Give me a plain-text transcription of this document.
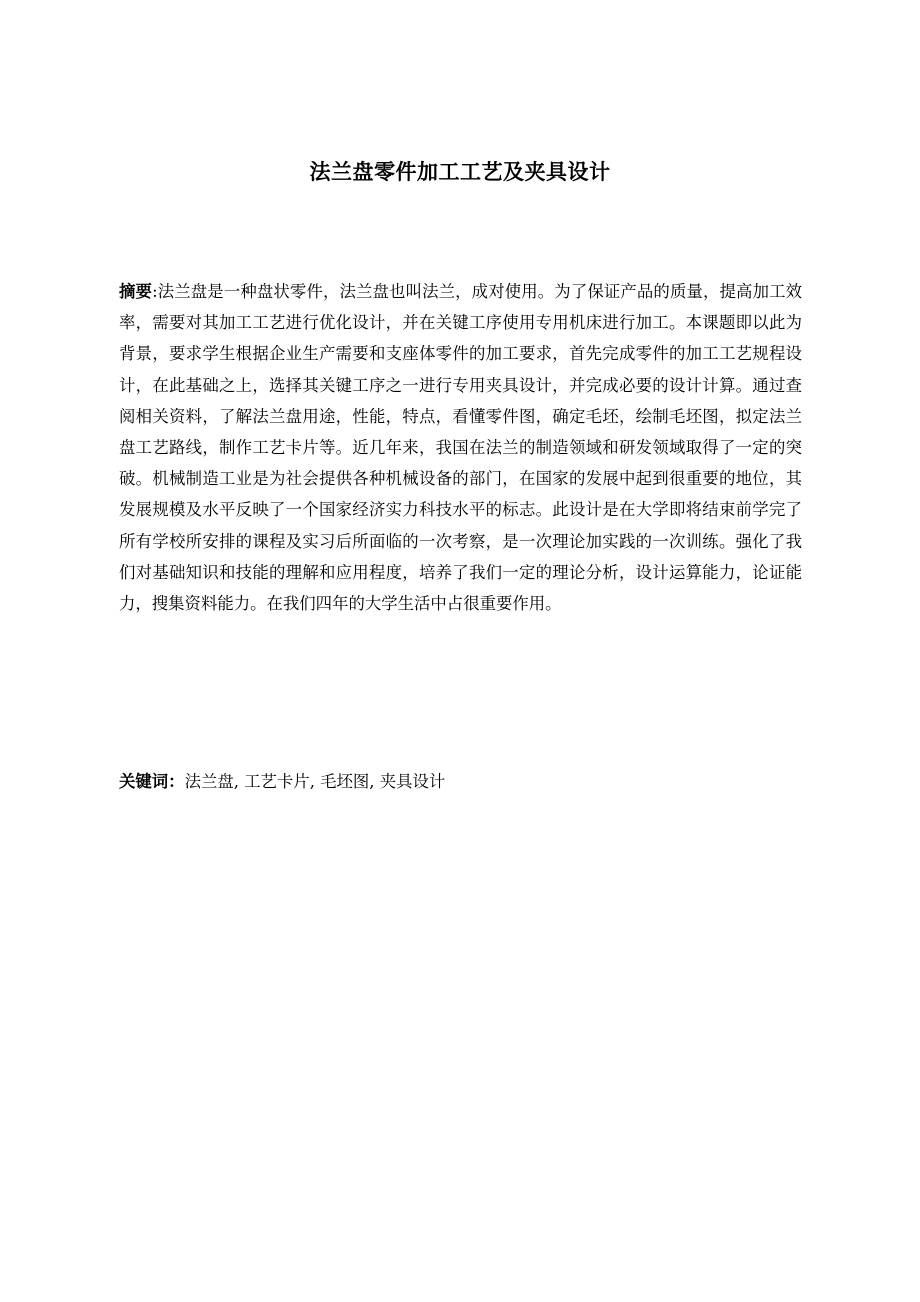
法兰盘零件加工工艺及夹具设计

摘要:法兰盘是一种盘状零件，法兰盘也叫法兰，成对使用。为了保证产品的质量，提高加工效率，需要对其加工工艺进行优化设计，并在关键工序使用专用机床进行加工。本课题即以此为背景，要求学生根据企业生产需要和支座体零件的加工要求，首先完成零件的加工工艺规程设计，在此基础之上，选择其关键工序之一进行专用夹具设计，并完成必要的设计计算。通过查阅相关资料，了解法兰盘用途，性能，特点，看懂零件图，确定毛坯，绘制毛坯图，拟定法兰盘工艺路线，制作工艺卡片等。近几年来，我国在法兰的制造领域和研发领域取得了一定的突破。机械制造工业是为社会提供各种机械设备的部门，在国家的发展中起到很重要的地位，其发展规模及水平反映了一个国家经济实力科技水平的标志。此设计是在大学即将结束前学完了所有学校所安排的课程及实习后所面临的一次考察，是一次理论加实践的一次训练。强化了我们对基础知识和技能的理解和应用程度，培养了我们一定的理论分析，设计运算能力，论证能力，搜集资料能力。在我们四年的大学生活中占很重要作用。

关键词：法兰盘, 工艺卡片, 毛坯图, 夹具设计
